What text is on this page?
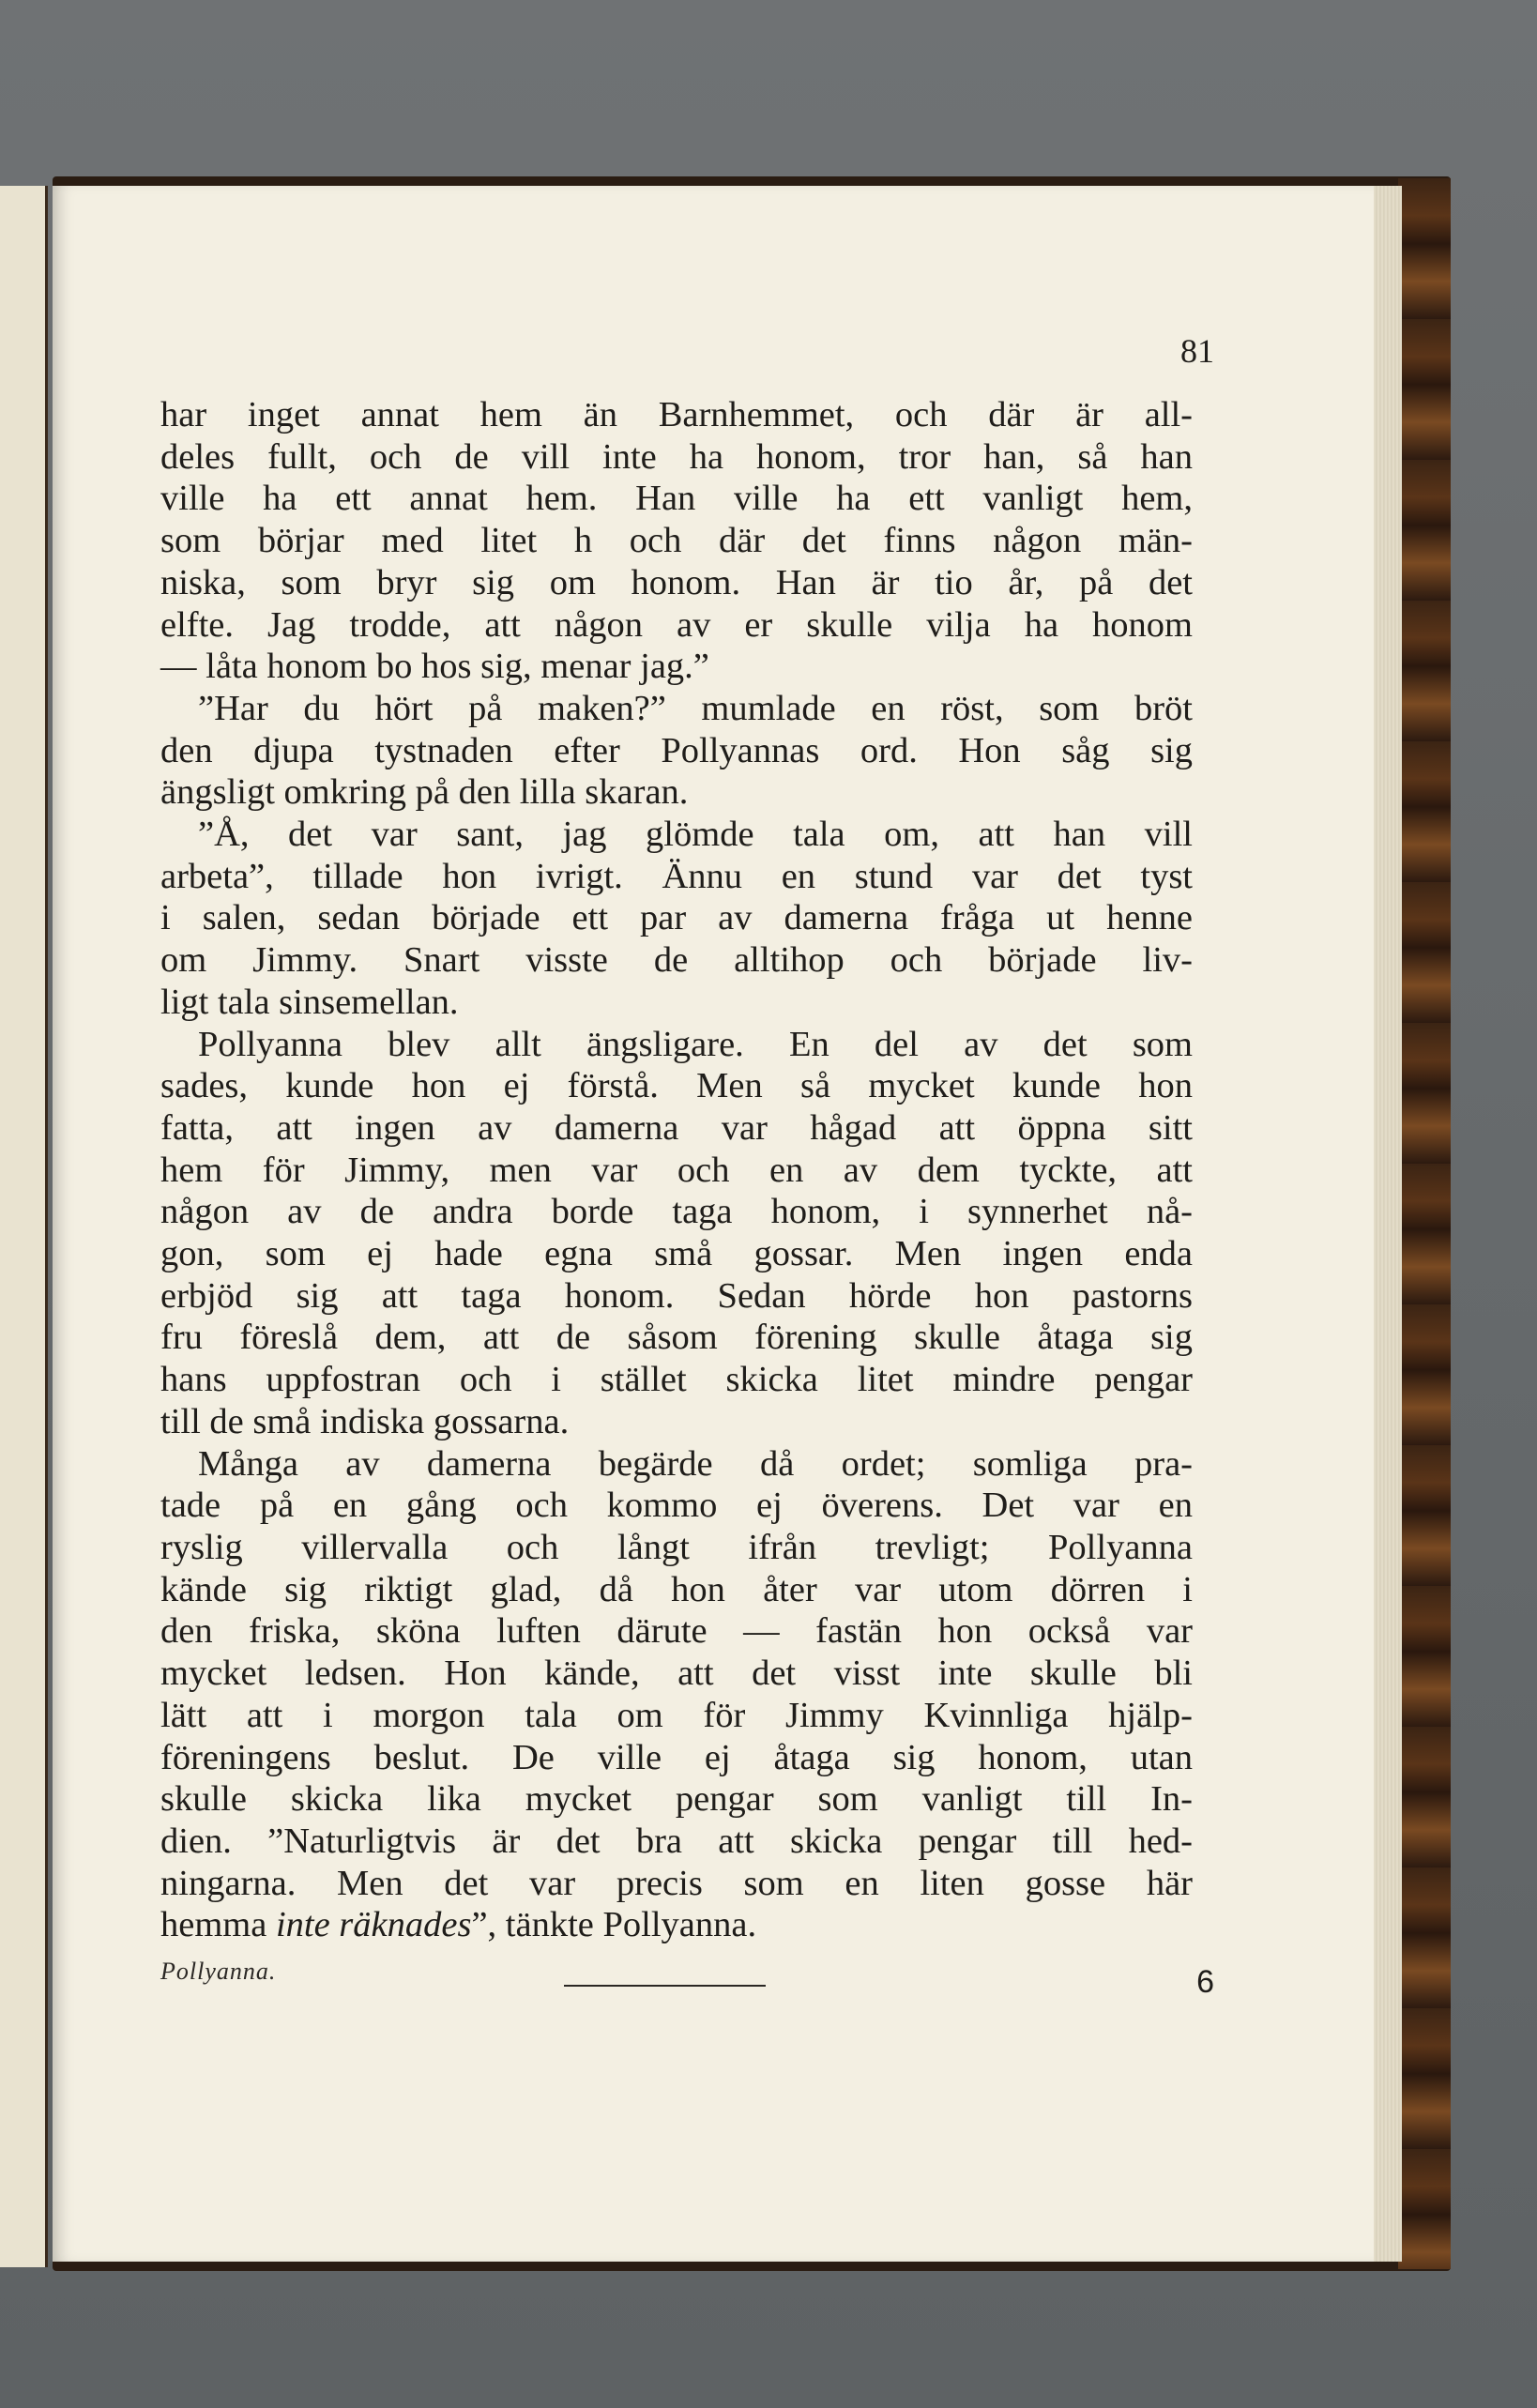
81
har inget annat hem än Barnhemmet, och där är all-
deles fullt, och de vill inte ha honom, tror han, så han
ville ha ett annat hem. Han ville ha ett vanligt hem,
som börjar med litet h och där det finns någon män-
niska, som bryr sig om honom. Han är tio år, på det
elfte. Jag trodde, att någon av er skulle vilja ha honom
— låta honom bo hos sig, menar jag.”
”Har du hört på maken?” mumlade en röst, som bröt
den djupa tystnaden efter Pollyannas ord. Hon såg sig
ängsligt omkring på den lilla skaran.
”Å, det var sant, jag glömde tala om, att han vill
arbeta”, tillade hon ivrigt. Ännu en stund var det tyst
i salen, sedan började ett par av damerna fråga ut henne
om Jimmy. Snart visste de alltihop och började liv-
ligt tala sinsemellan.
Pollyanna blev allt ängsligare. En del av det som
sades, kunde hon ej förstå. Men så mycket kunde hon
fatta, att ingen av damerna var hågad att öppna sitt
hem för Jimmy, men var och en av dem tyckte, att
någon av de andra borde taga honom, i synnerhet nå-
gon, som ej hade egna små gossar. Men ingen enda
erbjöd sig att taga honom. Sedan hörde hon pastorns
fru föreslå dem, att de såsom förening skulle åtaga sig
hans uppfostran och i stället skicka litet mindre pengar
till de små indiska gossarna.
Många av damerna begärde då ordet; somliga pra-
tade på en gång och kommo ej överens. Det var en
ryslig villervalla och långt ifrån trevligt; Pollyanna
kände sig riktigt glad, då hon åter var utom dörren i
den friska, sköna luften därute — fastän hon också var
mycket ledsen. Hon kände, att det visst inte skulle bli
lätt att i morgon tala om för Jimmy Kvinnliga hjälp-
föreningens beslut. De ville ej åtaga sig honom, utan
skulle skicka lika mycket pengar som vanligt till In-
dien. ”Naturligtvis är det bra att skicka pengar till hed-
ningarna. Men det var precis som en liten gosse här
hemma inte räknades”, tänkte Pollyanna.
Pollyanna.	6
